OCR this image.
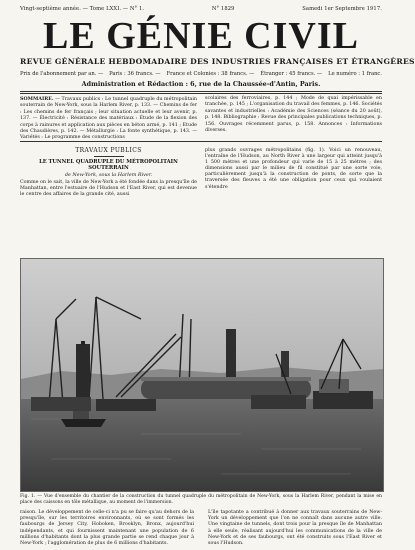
Vingt-septième année. — Tome LXXI. — N° 1.	N° 1829	Samedi 1er Septembre 1917.
LE GÉNIE CIVIL
REVUE GÉNÉRALE HEBDOMADAIRE DES INDUSTRIES FRANÇAISES ET ÉTRANGÈRES
Prix de l'abonnement par an. — Paris : 36 francs. — France et Colonies : 38 francs. — Étranger : 45 francs. — Le numéro : 1 franc.
Administration et Rédaction : 6, rue de la Chaussée-d'Antin, Paris.
SOMMAIRE. — Travaux publics : Le tunnel quadruple du métropolitain souterrain de New-York, sous la Harlem River, p. 133. — Chemins de fer : Les chemins de fer français ; leur situation actuelle et leur avenir, p. 137. — Électricité : Résistance des matériaux : Étude de la flexion des corps à rainures et application aux pièces en béton armé, p. 141 ; Etude des Chaudières, p. 142. — Métallurgie : La fonte synthétique, p. 143. — Variétés : Le programme des constructions
scolaires des ferroviaires, p. 144 ; Mode de quai impérissable en tranchée, p. 145 ; L'organisation du travail des femmes, p. 146. Sociétés savantes et industrielles : Académie des Sciences (séance du 20 août), p. 148. Bibliographie : Revue des principales publications techniques, p. 156. Ouvrages récemment parus, p. 158. Annonces : Informations diverses.
TRAVAUX PUBLICS
LE TUNNEL QUADRUPLE DU MÉTROPOLITAIN SOUTERRAIN
de New-York, sous la Harlem River.
Comme on le sait, la ville de New-York a été fondée dans la presqu'île de Manhattan, entre l'estuaire de l'Hudson et l'East River, qui est devenue le centre des affaires de la grande cité, aussi
plus grands ouvrages métropolitains (fig. 1). Voici un renouveau, l'entraîne de l'Hudson, au North River à une largeur qui atteint jusqu'à 1 500 mètres et une profondeur qui varie de 15 à 25 mètres ; des dimensions aussi par le milieu de fil constitué par une sorte voie, particulièrement jusqu'à la construction de ponts, de sorte que la traversée des fleuves a été une obligation pour ceux qui voulaient s'étendre
Fig. 1. — Vue d'ensemble du chantier de la construction du tunnel quadruple du métropolitain de New-York, sous la Harlem River, pendant la mise en place des caissons en tôle métallique, au moment de l'immersion.
raison. Le développement de celle-ci n'a pu se faire qu'au dehors de la presqu'île, sur les territoires environnants, où se sont formés les faubourgs de Jersey City, Hoboken, Brooklyn, Bronx, aujourd'hui indépendants, et qui fournissent maintenant une population de 6 millions d'habitants dont la plus grande partie se rend chaque jour à New-York ; l'agglomération de plus de 6 millions d'habitants.
L'île tapotante a contribué à donner aux travaux souterrains de New-York un développement que l'on ne connaît dans aucune autre ville. Une vingtaine de tunnels, dont trois pour la presque île de Manhattan à elle seule, réalisant aujourd'hui les communications de la ville de New-York et de ses faubourgs, ont été construits sous l'East River et sous l'Hudson.
